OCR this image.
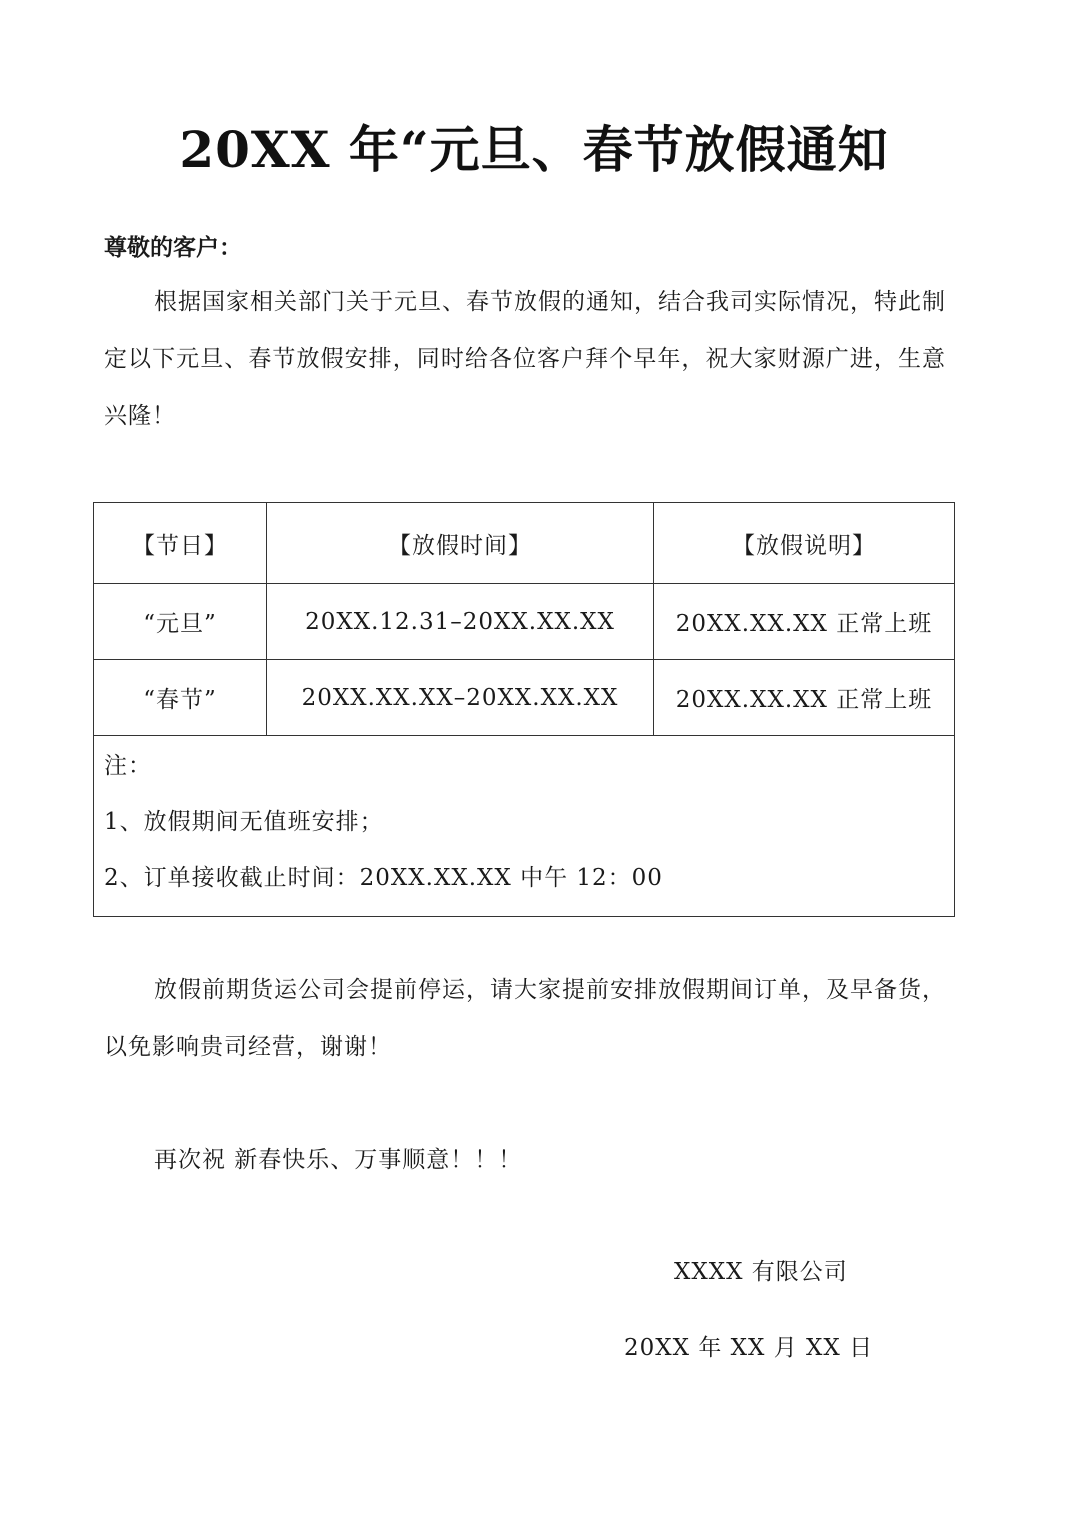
20XX 年“元旦、春节放假通知
尊敬的客户：
根据国家相关部门关于元旦、春节放假的通知，结合我司实际情况，特此制定以下元旦、春节放假安排，同时给各位客户拜个早年，祝大家财源广进，生意兴隆！
【节日】	【放假时间】	【放假说明】
“元旦”	20XX.12.31–20XX.XX.XX	20XX.XX.XX 正常上班
“春节”	20XX.XX.XX–20XX.XX.XX	20XX.XX.XX 正常上班

注：
1、放假期间无值班安排；
2、订单接收截止时间：20XX.XX.XX 中午 12：00		
放假前期货运公司会提前停运，请大家提前安排放假期间订单，及早备货，以免影响贵司经营，谢谢！
再次祝 新春快乐、万事顺意！！！
XXXX 有限公司
20XX 年 XX 月 XX 日
